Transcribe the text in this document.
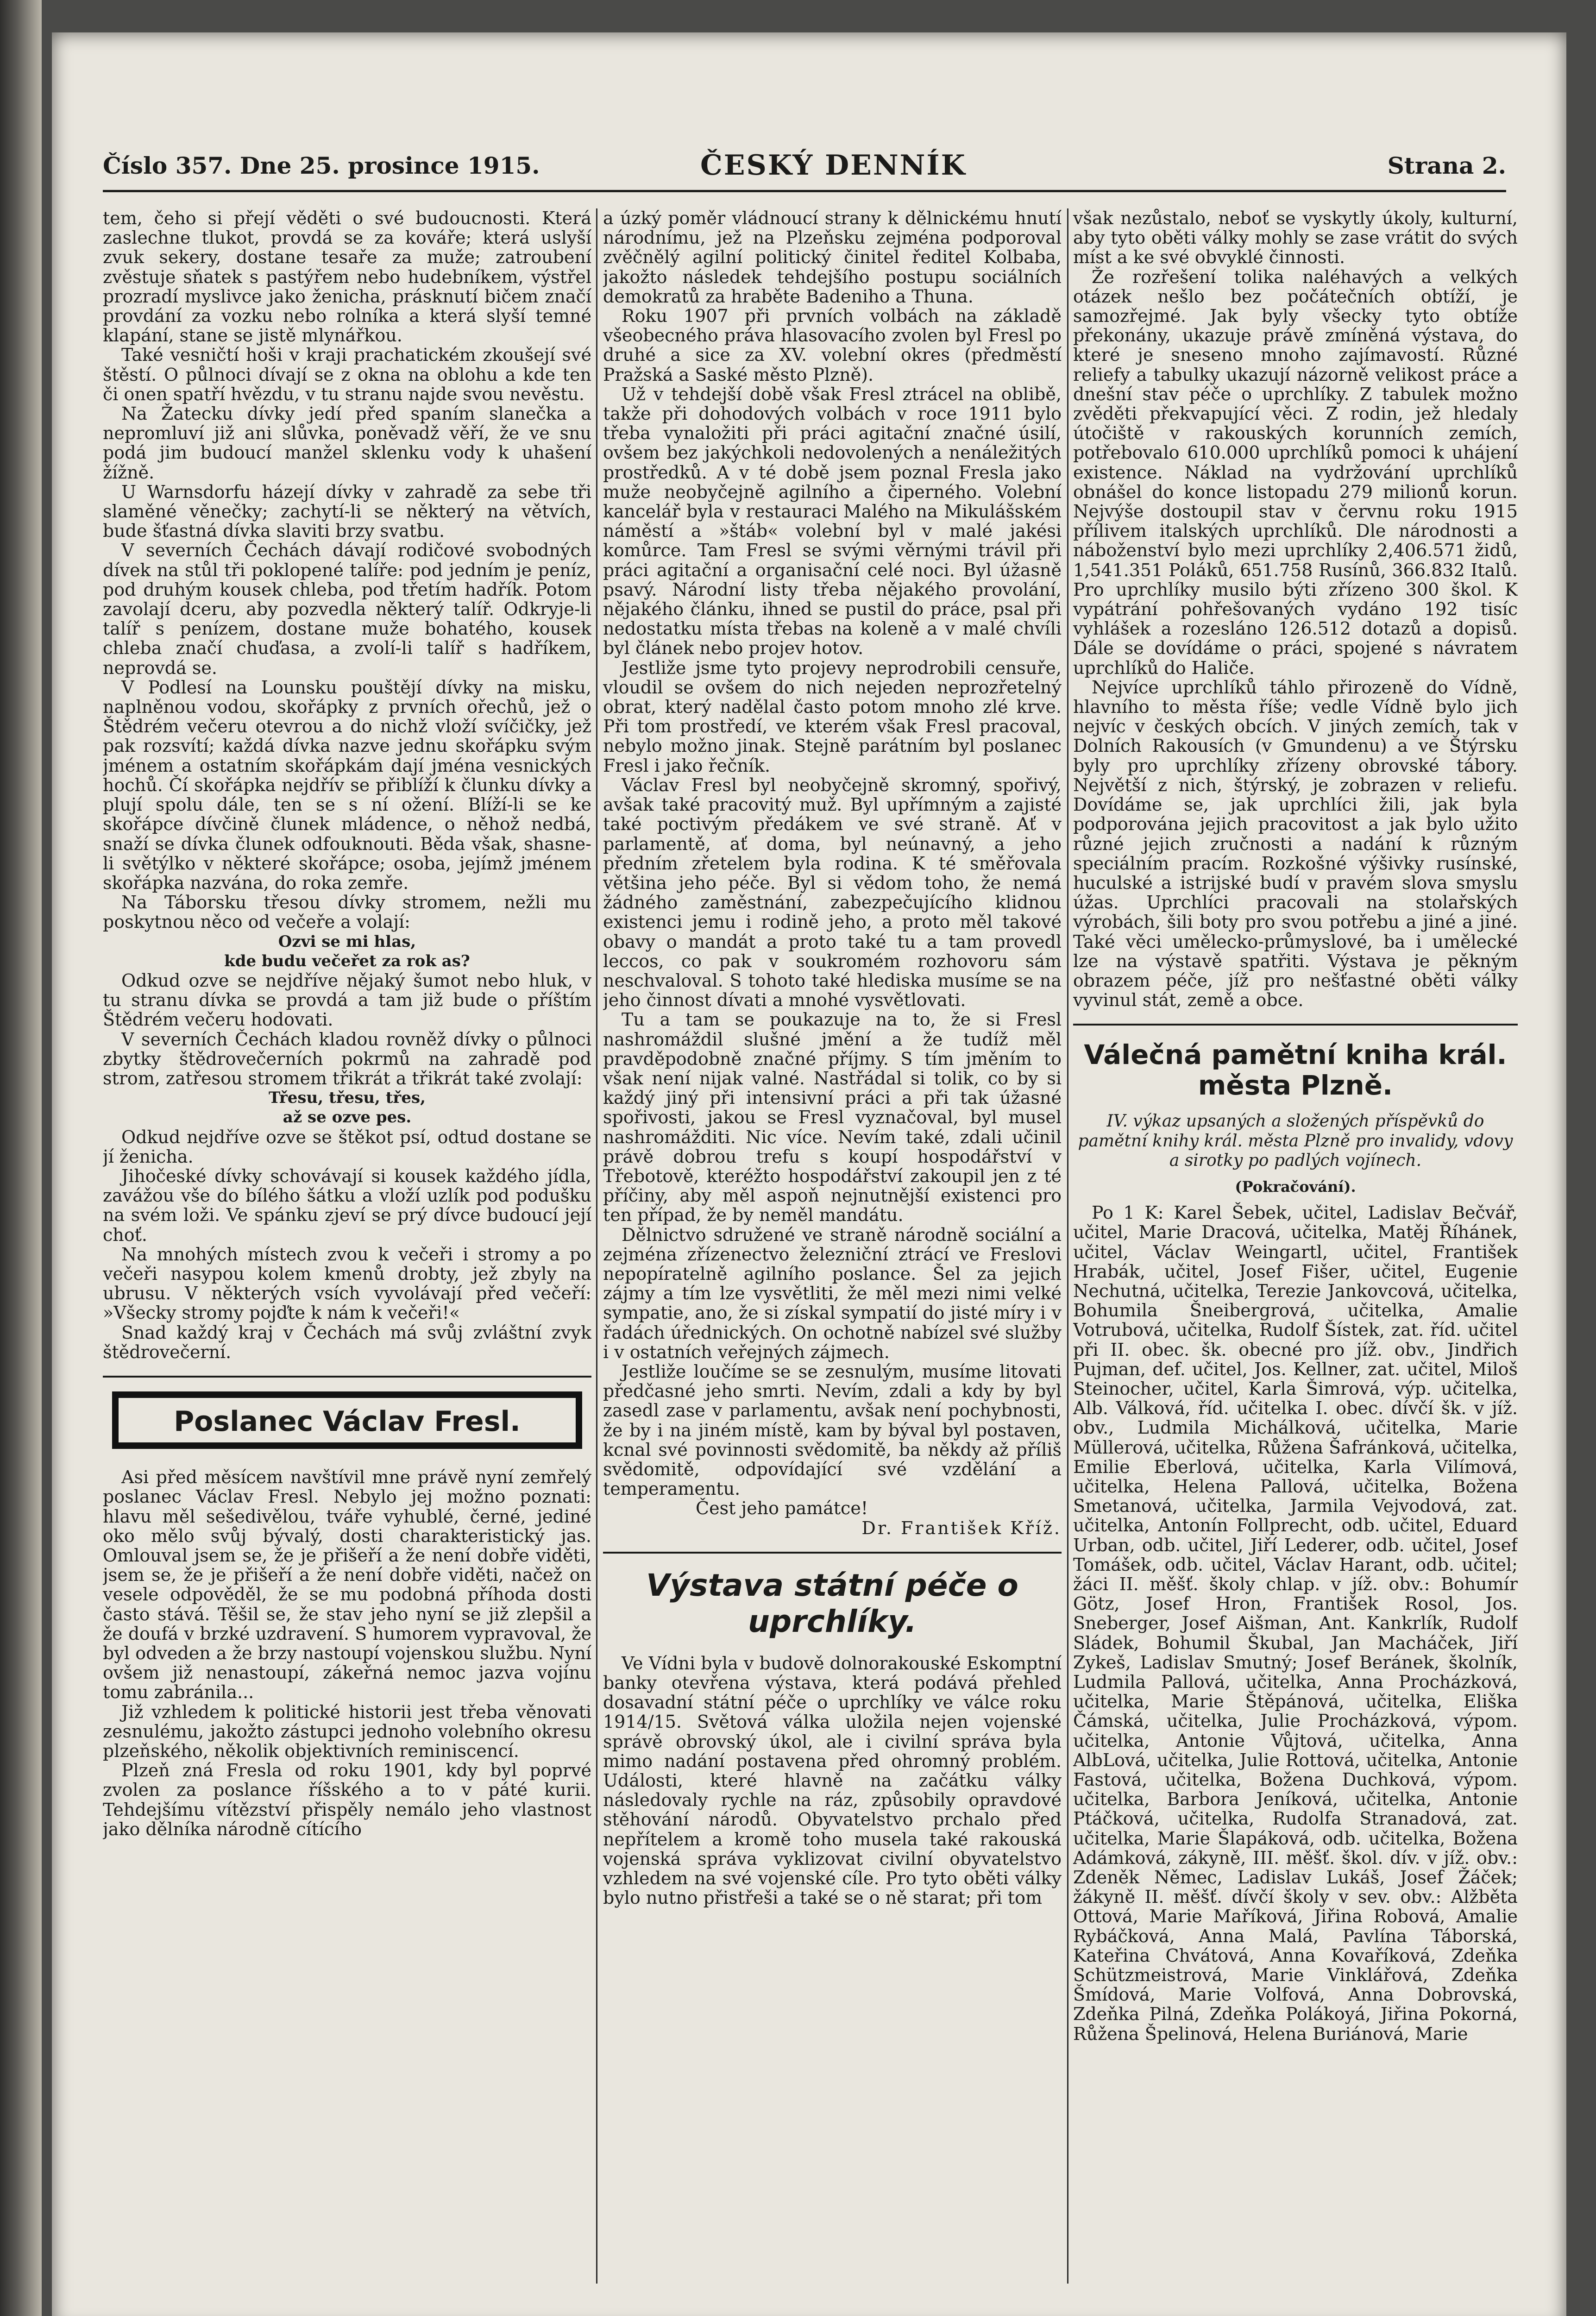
Číslo 357. Dne 25. prosince 1915.	ČESKÝ DENNÍK	Strana 2.

tem, čeho si přejí věděti o své budoucnosti. Která zaslechne tlukot, provdá se za kováře; která uslyší zvuk sekery, dostane tesaře za muže; zatroubení zvěstuje sňatek s pastýřem nebo hudebníkem, výstřel prozradí myslivce jako ženicha, prásknutí bičem značí provdání za vozku nebo rolníka a která slyší temné klapání, stane se jistě mlynářkou.

Také vesničtí hoši v kraji prachatickém zkoušejí své štěstí. O půlnoci dívají se z okna na oblohu a kde ten či onen spatří hvězdu, v tu stranu najde svou nevěstu.

Na Žatecku dívky jedí před spaním slanečka a nepromluví již ani slůvka, poněvadž věří, že ve snu podá jim budoucí manžel sklenku vody k uhašení žížně.

U Warnsdorfu házejí dívky v zahradě za sebe tři slaměné věnečky; zachytí-li se některý na větvích, bude šťastná dívka slaviti brzy svatbu.

V severních Čechách dávají rodičové svobodných dívek na stůl tři poklopené talíře: pod jedním je peníz, pod druhým kousek chleba, pod třetím hadřík. Potom zavolají dceru, aby pozvedla některý talíř. Odkryje-li talíř s penízem, dostane muže bohatého, kousek chleba značí chuďasa, a zvolí-li talíř s hadříkem, neprovdá se.

V Podlesí na Lounsku pouštějí dívky na misku, naplněnou vodou, skořápky z prvních ořechů, jež o Štědrém večeru otevrou a do nichž vloží svíčičky, jež pak rozsvítí; každá dívka nazve jednu skořápku svým jménem a ostatním skořápkám dají jména vesnických hochů. Čí skořápka nejdřív se přiblíží k člunku dívky a plují spolu dále, ten se s ní ožení. Blíží-li se ke skořápce dívčině člunek mládence, o něhož nedbá, snaží se dívka člunek odfouknouti. Běda však, shasne-li světýlko v některé skořápce; osoba, jejímž jménem skořápka nazvána, do roka zemře.

Na Táborsku třesou dívky stromem, nežli mu poskytnou něco od večeře a volají:

Ozvi se mi hlas,

kde budu večeřet za rok as?

Odkud ozve se nejdříve nějaký šumot nebo hluk, v tu stranu dívka se provdá a tam již bude o příštím Štědrém večeru hodovati.

V severních Čechách kladou rovněž dívky o půlnoci zbytky štědrovečerních pokrmů na zahradě pod strom, zatřesou stromem třikrát a třikrát také zvolají:

Třesu, třesu, třes,

až se ozve pes.

Odkud nejdříve ozve se štěkot psí, odtud dostane se jí ženicha.

Jihočeské dívky schovávají si kousek každého jídla, zavážou vše do bílého šátku a vloží uzlík pod podušku na svém loži. Ve spánku zjeví se prý dívce budoucí její choť.

Na mnohých místech zvou k večeři i stromy a po večeři nasypou kolem kmenů drobty, jež zbyly na ubrusu. V některých vsích vyvolávají před večeří: »Všecky stromy pojďte k nám k večeři!«

Snad každý kraj v Čechách má svůj zvláštní zvyk štědrovečerní.

Poslanec Václav Fresl.

Asi před měsícem navštívil mne právě nyní zemřelý poslanec Václav Fresl. Nebylo jej možno poznati: hlavu měl sešedivělou, tváře vyhublé, černé, jediné oko mělo svůj bývalý, dosti charakteristický jas. Omlouval jsem se, že je přišeří a že není dobře viděti, jsem se, že je přišeří a že není dobře viděti, načež on vesele odpověděl, že se mu podobná příhoda dosti často stává. Těšil se, že stav jeho nyní se již zlepšil a že doufá v brzké uzdravení. S humorem vypravoval, že byl odveden a že brzy nastoupí vojenskou službu. Nyní ovšem již nenastoupí, zákeřná nemoc jazva vojínu tomu zabránila...

Již vzhledem k politické historii jest třeba věnovati zesnulému, jakožto zástupci jednoho volebního okresu plzeňského, několik objektivních reminiscencí.

Plzeň zná Fresla od roku 1901, kdy byl poprvé zvolen za poslance říšského a to v páté kurii. Tehdejšímu vítězství přispěly nemálo jeho vlastnost jako dělníka národně cítícího

a úzký poměr vládnoucí strany k dělnickému hnutí národnímu, jež na Plzeňsku zejména podporoval zvěčnělý agilní politický činitel ředitel Kolbaba, jakožto následek tehdejšího postupu sociálních demokratů za hraběte Badeniho a Thuna.

Roku 1907 při prvních volbách na základě všeobecného práva hlasovacího zvolen byl Fresl po druhé a sice za XV. volební okres (předměstí Pražská a Saské město Plzně).

Už v tehdejší době však Fresl ztrácel na oblibě, takže při dohodových volbách v roce 1911 bylo třeba vynaložiti při práci agitační značné úsilí, ovšem bez jakýchkoli nedovolených a nenáležitých prostředků. A v té době jsem poznal Fresla jako muže neobyčejně agilního a čiperného. Volební kancelář byla v restauraci Malého na Mikulášském náměstí a »štáb« volební byl v malé jakési komůrce. Tam Fresl se svými věrnými trávil při práci agitační a organisační celé noci. Byl úžasně psavý. Národní listy třeba nějakého provolání, nějakého článku, ihned se pustil do práce, psal při nedostatku místa třebas na koleně a v malé chvíli byl článek nebo projev hotov.

Jestliže jsme tyto projevy neprodrobili censuře, vloudil se ovšem do nich nejeden neprozřetelný obrat, který nadělal často potom mnoho zlé krve. Při tom prostředí, ve kterém však Fresl pracoval, nebylo možno jinak. Stejně parátním byl poslanec Fresl i jako řečník.

Václav Fresl byl neobyčejně skromný, spořivý, avšak také pracovitý muž. Byl upřímným a zajisté také poctivým předákem ve své straně. Ať v parlamentě, ať doma, byl neúnavný, a jeho předním zřetelem byla rodina. K té směřovala většina jeho péče. Byl si vědom toho, že nemá žádného zaměstnání, zabezpečujícího klidnou existenci jemu i rodině jeho, a proto měl takové obavy o mandát a proto také tu a tam provedl leccos, co pak v soukromém rozhovoru sám neschvaloval. S tohoto také hlediska musíme se na jeho činnost dívati a mnohé vysvětlovati.

Tu a tam se poukazuje na to, že si Fresl nashromáždil slušné jmění a že tudíž měl pravděpodobně značné příjmy. S tím jměním to však není nijak valné. Nastřádal si tolik, co by si každý jiný při intensivní práci a při tak úžasné spořivosti, jakou se Fresl vyznačoval, byl musel nashromážditi. Nic více. Nevím také, zdali učinil právě dobrou trefu s koupí hospodářství v Třebotově, kteréžto hospodářství zakoupil jen z té příčiny, aby měl aspoň nejnutnější existenci pro ten případ, že by neměl mandátu.

Dělnictvo sdružené ve straně národně sociální a zejména zřízenectvo železniční ztrácí ve Freslovi nepopíratelně agilního poslance. Šel za jejich zájmy a tím lze vysvětliti, že měl mezi nimi velké sympatie, ano, že si získal sympatií do jisté míry i v řadách úřednických. On ochotně nabízel své služby i v ostatních veřejných zájmech.

Jestliže loučíme se se zesnulým, musíme litovati předčasné jeho smrti. Nevím, zdali a kdy by byl zasedl zase v parlamentu, avšak není pochybnosti, že by i na jiném místě, kam by býval byl postaven, kcnal své povinnosti svědomitě, ba někdy až příliš svědomitě, odpovídající své vzdělání a temperamentu.

Čest jeho památce!

Dr. František Kříž.

Výstava státní péče o uprchlíky.

Ve Vídni byla v budově dolnorakouské Eskomptní banky otevřena výstava, která podává přehled dosavadní státní péče o uprchlíky ve válce roku 1914/15. Světová válka uložila nejen vojenské správě obrovský úkol, ale i civilní správa byla mimo nadání postavena před ohromný problém. Události, které hlavně na začátku války následovaly rychle na ráz, způsobily opravdové stěhování národů. Obyvatelstvo prchalo před nepřítelem a kromě toho musela také rakouská vojenská správa vyklizovat civilní obyvatelstvo vzhledem na své vojenské cíle. Pro tyto oběti války bylo nutno přistřeši a také se o ně starat; při tom

však nezůstalo, neboť se vyskytly úkoly, kulturní, aby tyto oběti války mohly se zase vrátit do svých míst a ke své obvyklé činnosti.

Že rozřešení tolika naléhavých a velkých otázek nešlo bez počátečních obtíží, je samozřejmé. Jak byly všecky tyto obtíže překonány, ukazuje právě zmíněná výstava, do které je sneseno mnoho zajímavostí. Různé reliefy a tabulky ukazují názorně velikost práce a dnešní stav péče o uprchlíky. Z tabulek možno zvěděti překvapující věci. Z rodin, jež hledaly útočiště v rakouských korunních zemích, potřebovalo 610.000 uprchlíků pomoci k uhájení existence. Náklad na vydržování uprchlíků obnášel do konce listopadu 279 milionů korun. Nejvýše dostoupil stav v červnu roku 1915 přílivem italských uprchlíků. Dle národnosti a náboženství bylo mezi uprchlíky 2,406.571 židů, 1,541.351 Poláků, 651.758 Rusínů, 366.832 Italů. Pro uprchlíky musilo býti zřízeno 300 škol. K vypátrání pohřešovaných vydáno 192 tisíc vyhlášek a rozesláno 126.512 dotazů a dopisů. Dále se dovídáme o práci, spojené s návratem uprchlíků do Haliče.

Nejvíce uprchlíků táhlo přirozeně do Vídně, hlavního to města říše; vedle Vídně bylo jich nejvíc v českých obcích. V jiných zemích, tak v Dolních Rakousích (v Gmundenu) a ve Štýrsku byly pro uprchlíky zřízeny obrovské tábory. Největší z nich, štýrský, je zobrazen v reliefu. Dovídáme se, jak uprchlíci žili, jak byla podporována jejich pracovitost a jak bylo užito různé jejich zručnosti a nadání k různým speciálním pracím. Rozkošné výšivky rusínské, huculské a istrijské budí v pravém slova smyslu úžas. Uprchlíci pracovali na stolařských výrobách, šili boty pro svou potřebu a jiné a jiné. Také věci umělecko-průmyslové, ba i umělecké lze na výstavě spatřiti. Výstava je pěkným obrazem péče, jíž pro nešťastné oběti války vyvinul stát, země a obce.

Válečná pamětní kniha král. města Plzně.

IV. výkaz upsaných a složených příspěvků do pamětní knihy král. města Plzně pro invalidy, vdovy a sirotky po padlých vojínech.

(Pokračování).

Po 1 K: Karel Šebek, učitel, Ladislav Bečvář, učitel, Marie Dracová, učitelka, Matěj Říhánek, učitel, Václav Weingartl, učitel, František Hrabák, učitel, Josef Fišer, učitel, Eugenie Nechutná, učitelka, Terezie Jankovcová, učitelka, Bohumila Šneibergrová, učitelka, Amalie Votrubová, učitelka, Rudolf Šístek, zat. říd. učitel při II. obec. šk. obecné pro jíž. obv., Jindřich Pujman, def. učitel, Jos. Kellner, zat. učitel, Miloš Steinocher, učitel, Karla Šimrová, výp. učitelka, Alb. Válková, říd. učitelka I. obec. dívčí šk. v jíž. obv., Ludmila Michálková, učitelka, Marie Müllerová, učitelka, Růžena Šafránková, učitelka, Emilie Eberlová, učitelka, Karla Vilímová, učitelka, Helena Pallová, učitelka, Božena Smetanová, učitelka, Jarmila Vejvodová, zat. učitelka, Antonín Follprecht, odb. učitel, Eduard Urban, odb. učitel, Jiří Lederer, odb. učitel, Josef Tomášek, odb. učitel, Václav Harant, odb. učitel; žáci II. měšť. školy chlap. v jíž. obv.: Bohumír Götz, Josef Hron, František Rosol, Jos. Sneberger, Josef Aišman, Ant. Kankrlík, Rudolf Sládek, Bohumil Škubal, Jan Macháček, Jiří Zykeš, Ladislav Smutný; Josef Beránek, školník, Ludmila Pallová, učitelka, Anna Procházková, učitelka, Marie Štěpánová, učitelka, Eliška Čámská, učitelka, Julie Procházková, výpom. učitelka, Antonie Vůjtová, učitelka, Anna AlbLová, učitelka, Julie Rottová, učitelka, Antonie Fastová, učitelka, Božena Duchková, výpom. učitelka, Barbora Jeníková, učitelka, Antonie Ptáčková, učitelka, Rudolfa Stranadová, zat. učitelka, Marie Šlapáková, odb. učitelka, Božena Adámková, zákyně, III. měšť. škol. dív. v jíž. obv.: Zdeněk Němec, Ladislav Lukáš, Josef Žáček; žákyně II. měšť. dívčí školy v sev. obv.: Alžběta Ottová, Marie Maříková, Jiřina Robová, Amalie Rybáčková, Anna Malá, Pavlína Táborská, Kateřina Chvátová, Anna Kovaříková, Zdeňka Schützmeistrová, Marie Vinklářová, Zdeňka Šmídová, Marie Volfová, Anna Dobrovská, Zdeňka Pilná, Zdeňka Polákoyá, Jiřina Pokorná, Růžena Špelinová, Helena Buriánová, Marie
